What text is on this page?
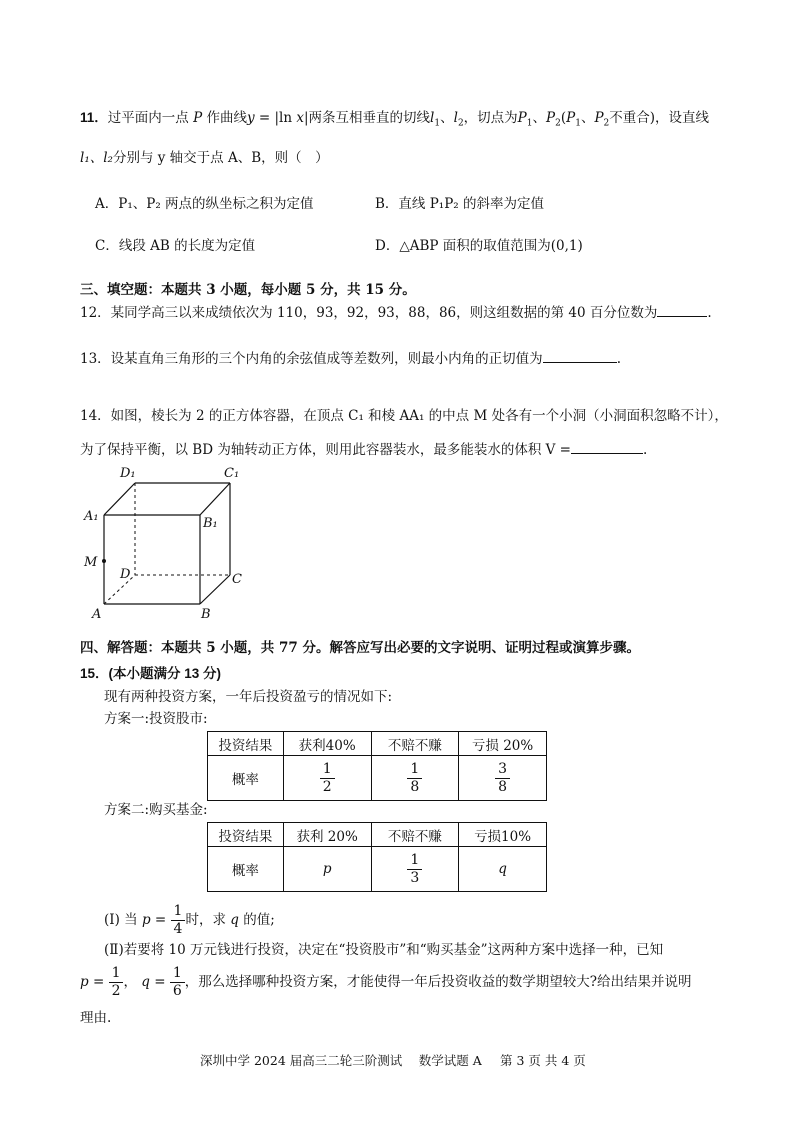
11．过平面内一点 P 作曲线y = |ln x|两条互相垂直的切线$l_1$、$l_2$，切点为$P_1$、$P_2(P_1$、$P_2$不重合)，设直线
l₁、l₂分别与 y 轴交于点 A、B，则（　）
A．P₁、P₂ 两点的纵坐标之积为定值	B．直线 P₁P₂ 的斜率为定值
C．线段 AB 的长度为定值	D．△ABP 面积的取值范围为(0,1)
三、填空题：本题共 3 小题，每小题 5 分，共 15 分。
12．某同学高三以来成绩依次为 110，93，92，93，88，86，则这组数据的第 40 百分位数为	.
13．设某直角三角形的三个内角的余弦值成等差数列，则最小内角的正切值为	.
14．如图，棱长为 2 的正方体容器，在顶点 C₁ 和棱 AA₁ 的中点 M 处各有一个小洞（小洞面积忽略不计），
为了保持平衡，以 BD 为轴转动正方体，则用此容器装水，最多能装水的体积 V =	.
D₁	C₁
A₁	B₁
M
D	C
A	B
四、解答题：本题共 5 小题，共 77 分。解答应写出必要的文字说明、证明过程或演算步骤。
15．(本小题满分 13 分)
现有两种投资方案，一年后投资盈亏的情况如下:
方案一:投资股市:
投资结果	获利40%	不赔不赚	亏损 20%
概率	$\frac{1}{2}$	$\frac{1}{8}$	$\frac{3}{8}$
方案二:购买基金:
投资结果	获利 20%	不赔不赚	亏损10%
概率	p	$\frac{1}{3}$	q
(Ⅰ) 当 $p = \frac{1}{4}$ 时，求 q 的值;
(Ⅱ)若要将 10 万元钱进行投资，决定在“投资股市”和“购买基金”这两种方案中选择一种，已知
$p = \frac{1}{2}$ ， $q = \frac{1}{6}$ ，那么选择哪种投资方案，才能使得一年后投资收益的数学期望较大?给出结果并说明
理由.
深圳中学 2024 届高三二轮三阶测试　 数学试题 A 第 3 页 共 4 页
